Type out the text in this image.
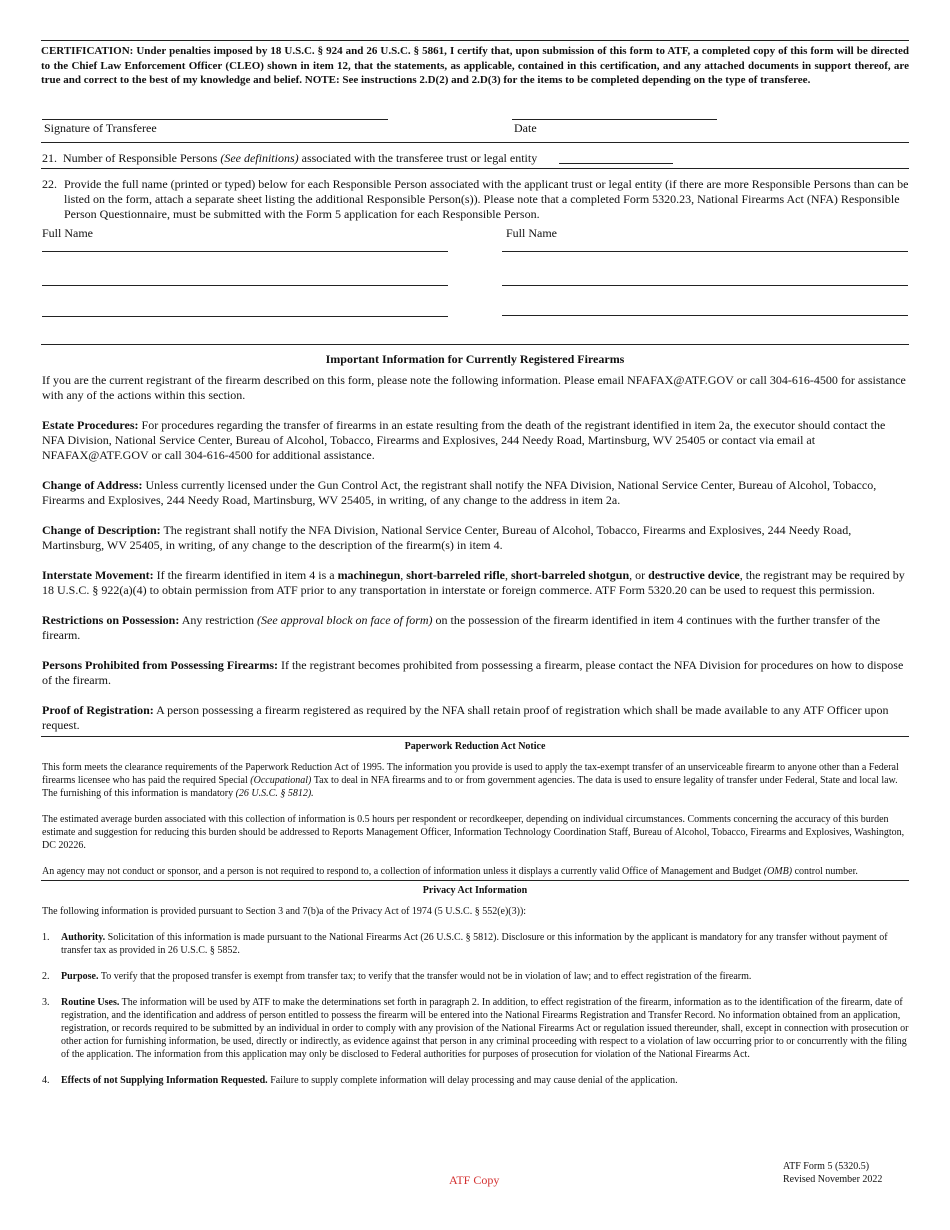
CERTIFICATION: Under penalties imposed by 18 U.S.C. § 924 and 26 U.S.C. § 5861, I certify that, upon submission of this form to ATF, a completed copy of this form will be directed to the Chief Law Enforcement Officer (CLEO) shown in item 12, that the statements, as applicable, contained in this certification, and any attached documents in support thereof, are true and correct to the best of my knowledge and belief. NOTE: See instructions 2.D(2) and 2.D(3) for the items to be completed depending on the type of transferee.
Signature of Transferee	Date
21. Number of Responsible Persons (See definitions) associated with the transferee trust or legal entity
22. Provide the full name (printed or typed) below for each Responsible Person associated with the applicant trust or legal entity (if there are more Responsible Persons than can be listed on the form, attach a separate sheet listing the additional Responsible Person(s)). Please note that a completed Form 5320.23, National Firearms Act (NFA) Responsible Person Questionnaire, must be submitted with the Form 5 application for each Responsible Person.
Full Name	Full Name
Important Information for Currently Registered Firearms

If you are the current registrant of the firearm described on this form, please note the following information. Please email NFAFAX@ATF.GOV or call 304-616-4500 for assistance with any of the actions within this section.

Estate Procedures: For procedures regarding the transfer of firearms in an estate resulting from the death of the registrant identified in item 2a, the executor should contact the NFA Division, National Service Center, Bureau of Alcohol, Tobacco, Firearms and Explosives, 244 Needy Road, Martinsburg, WV 25405 or contact via email at NFAFAX@ATF.GOV or call 304-616-4500 for additional assistance.

Change of Address: Unless currently licensed under the Gun Control Act, the registrant shall notify the NFA Division, National Service Center, Bureau of Alcohol, Tobacco, Firearms and Explosives, 244 Needy Road, Martinsburg, WV 25405, in writing, of any change to the address in item 2a.

Change of Description: The registrant shall notify the NFA Division, National Service Center, Bureau of Alcohol, Tobacco, Firearms and Explosives, 244 Needy Road, Martinsburg, WV 25405, in writing, of any change to the description of the firearm(s) in item 4.

Interstate Movement: If the firearm identified in item 4 is a machinegun, short-barreled rifle, short-barreled shotgun, or destructive device, the registrant may be required by 18 U.S.C. § 922(a)(4) to obtain permission from ATF prior to any transportation in interstate or foreign commerce. ATF Form 5320.20 can be used to request this permission.

Restrictions on Possession: Any restriction (See approval block on face of form) on the possession of the firearm identified in item 4 continues with the further transfer of the firearm.

Persons Prohibited from Possessing Firearms: If the registrant becomes prohibited from possessing a firearm, please contact the NFA Division for procedures on how to dispose of the firearm.

Proof of Registration: A person possessing a firearm registered as required by the NFA shall retain proof of registration which shall be made available to any ATF Officer upon request.

Paperwork Reduction Act Notice

This form meets the clearance requirements of the Paperwork Reduction Act of 1995. The information you provide is used to apply the tax-exempt transfer of an unserviceable firearm to anyone other than a Federal firearms licensee who has paid the required Special (Occupational) Tax to deal in NFA firearms and to or from government agencies. The data is used to ensure legality of transfer under Federal, State and local law. The furnishing of this information is mandatory (26 U.S.C. § 5812).

The estimated average burden associated with this collection of information is 0.5 hours per respondent or recordkeeper, depending on individual circumstances. Comments concerning the accuracy of this burden estimate and suggestion for reducing this burden should be addressed to Reports Management Officer, Information Technology Coordination Staff, Bureau of Alcohol, Tobacco, Firearms and Explosives, Washington, DC 20226.

An agency may not conduct or sponsor, and a person is not required to respond to, a collection of information unless it displays a currently valid Office of Management and Budget (OMB) control number.

Privacy Act Information

The following information is provided pursuant to Section 3 and 7(b)a of the Privacy Act of 1974 (5 U.S.C. § 552(e)(3)):

1.	Authority. Solicitation of this information is made pursuant to the National Firearms Act (26 U.S.C. § 5812). Disclosure or this information by the applicant is mandatory for any transfer without payment of transfer tax as provided in 26 U.S.C. § 5852.
2.	Purpose. To verify that the proposed transfer is exempt from transfer tax; to verify that the transfer would not be in violation of law; and to effect registration of the firearm.
3.	Routine Uses. The information will be used by ATF to make the determinations set forth in paragraph 2. In addition, to effect registration of the firearm, information as to the identification of the firearm, date of registration, and the identification and address of person entitled to possess the firearm will be entered into the National Firearms Registration and Transfer Record. No information obtained from an application, registration, or records required to be submitted by an individual in order to comply with any provision of the National Firearms Act or regulation issued thereunder, shall, except in connection with prosecution or other action for furnishing information, be used, directly or indirectly, as evidence against that person in any criminal proceeding with respect to a violation of law occurring prior to or concurrently with the filing of the application. The information from this application may only be disclosed to Federal authorities for purposes of prosecution for violation of the National Firearms Act.
4.	Effects of not Supplying Information Requested. Failure to supply complete information will delay processing and may cause denial of the application.
ATF Copy
ATF Form 5 (5320.5)
Revised November 2022
